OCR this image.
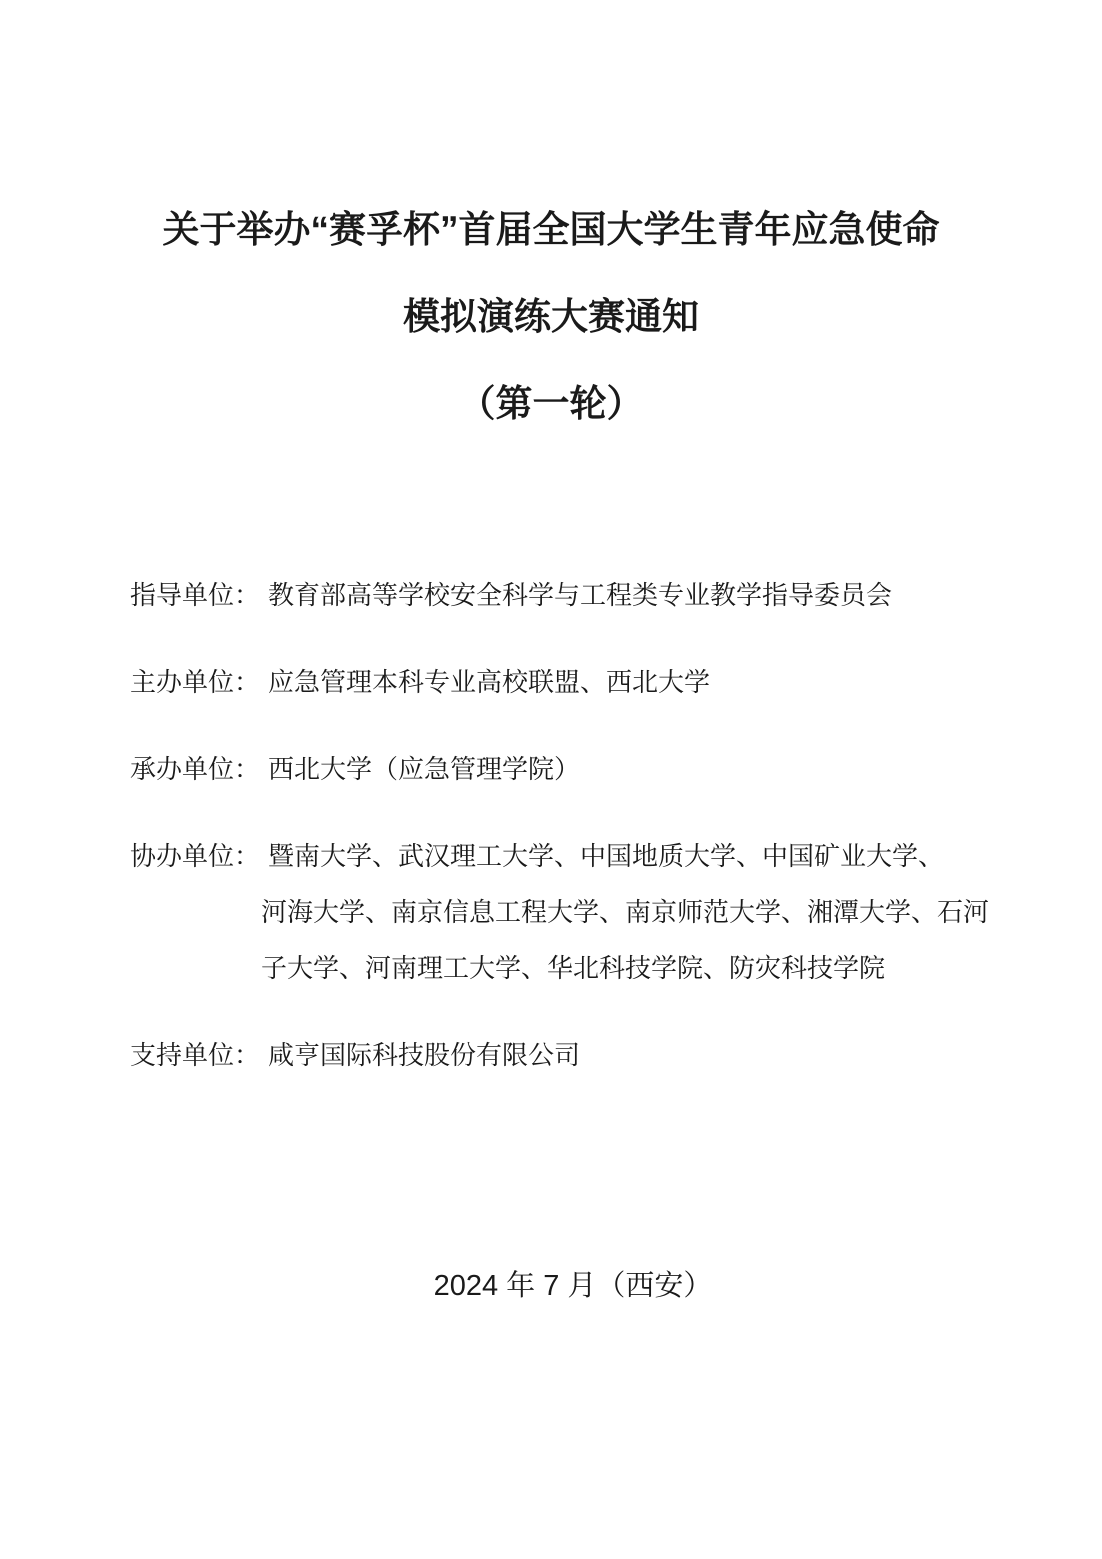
关于举办“赛孚杯”首届全国大学生青年应急使命
模拟演练大赛通知
（第一轮）
指导单位： 教育部高等学校安全科学与工程类专业教学指导委员会
主办单位： 应急管理本科专业高校联盟、西北大学
承办单位： 西北大学（应急管理学院）
协办单位： 暨南大学、武汉理工大学、中国地质大学、中国矿业大学、
河海大学、南京信息工程大学、南京师范大学、湘潭大学、石河
子大学、河南理工大学、华北科技学院、防灾科技学院
支持单位： 咸亨国际科技股份有限公司
2024 年 7 月（西安）
